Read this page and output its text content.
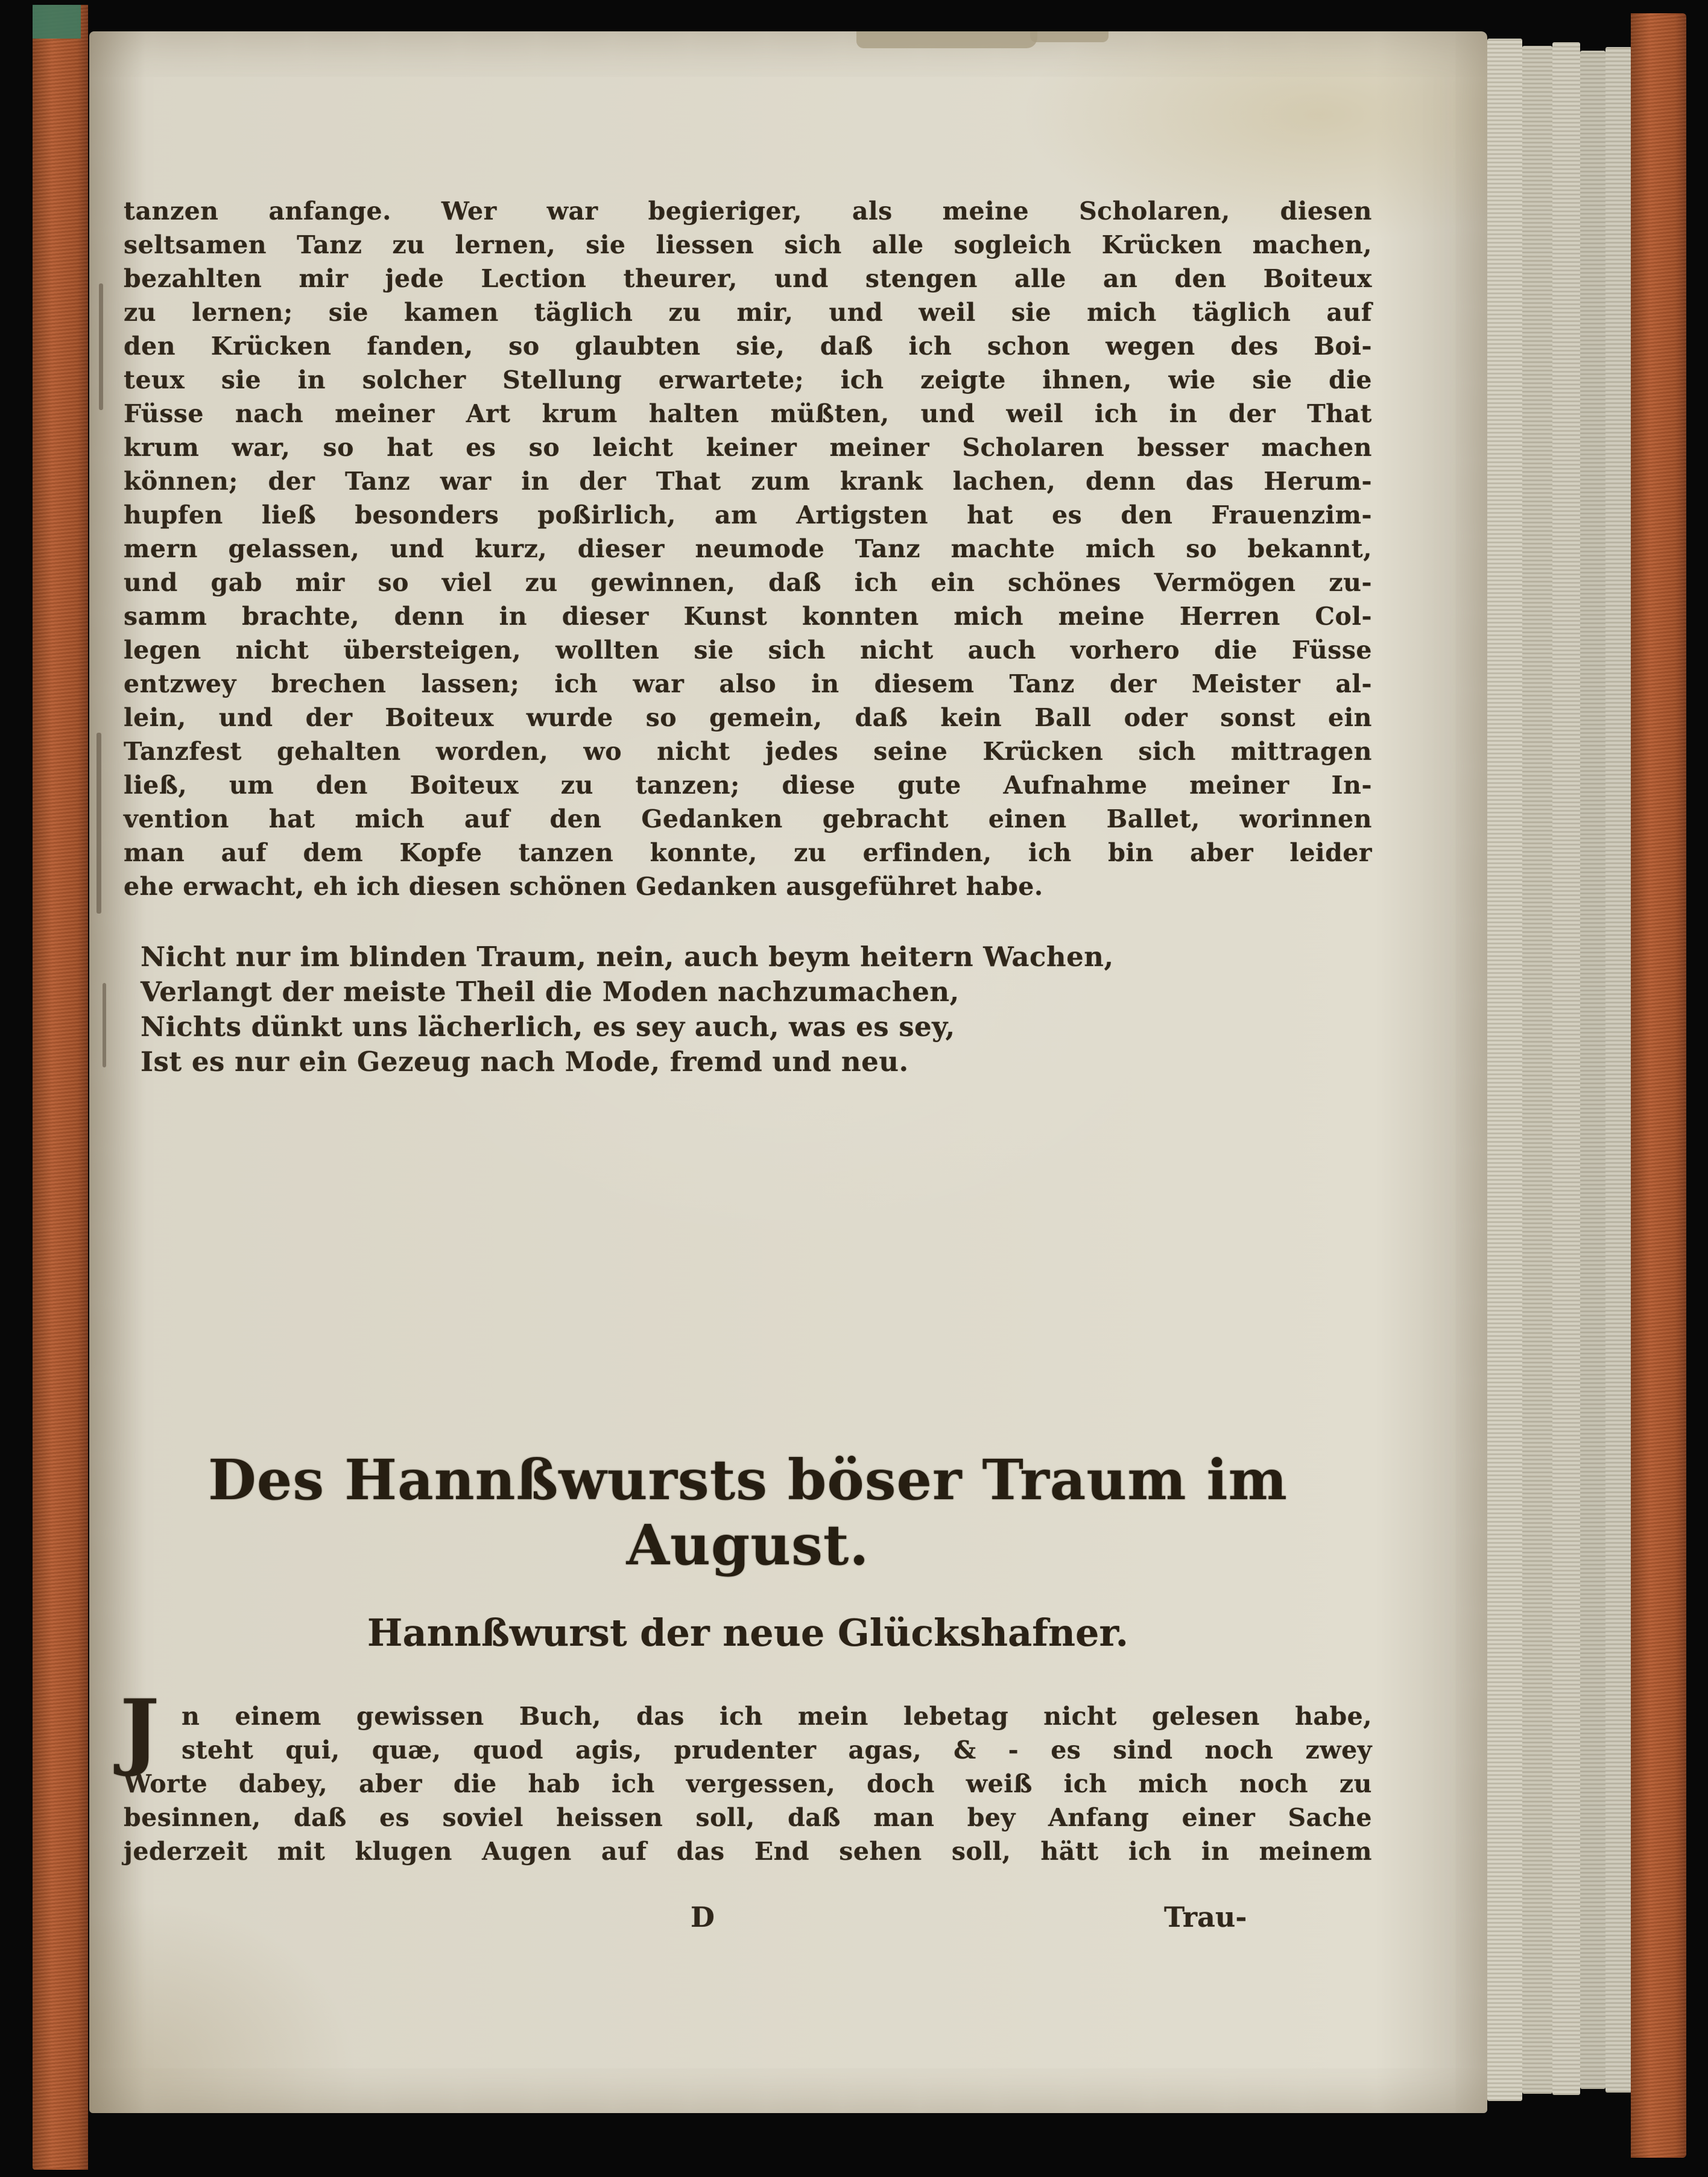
tanzen anfange. Wer war begieriger, als meine Scholaren, diesen
seltsamen Tanz zu lernen, sie liessen sich alle sogleich Krücken machen,
bezahlten mir jede Lection theurer, und stengen alle an den Boiteux
zu lernen; sie kamen täglich zu mir, und weil sie mich täglich auf
den Krücken fanden, so glaubten sie, daß ich schon wegen des Boi-
teux sie in solcher Stellung erwartete; ich zeigte ihnen, wie sie die
Füsse nach meiner Art krum halten müßten, und weil ich in der That
krum war, so hat es so leicht keiner meiner Scholaren besser machen
können; der Tanz war in der That zum krank lachen, denn das Herum-
hupfen ließ besonders poßirlich, am Artigsten hat es den Frauenzim-
mern gelassen, und kurz, dieser neumode Tanz machte mich so bekannt,
und gab mir so viel zu gewinnen, daß ich ein schönes Vermögen zu-
samm brachte, denn in dieser Kunst konnten mich meine Herren Col-
legen nicht übersteigen, wollten sie sich nicht auch vorhero die Füsse
entzwey brechen lassen; ich war also in diesem Tanz der Meister al-
lein, und der Boiteux wurde so gemein, daß kein Ball oder sonst ein
Tanzfest gehalten worden, wo nicht jedes seine Krücken sich mittragen
ließ, um den Boiteux zu tanzen; diese gute Aufnahme meiner In-
vention hat mich auf den Gedanken gebracht einen Ballet, worinnen
man auf dem Kopfe tanzen konnte, zu erfinden, ich bin aber leider
ehe erwacht, eh ich diesen schönen Gedanken ausgeführet habe.
Nicht nur im blinden Traum, nein, auch beym heitern Wachen,
Verlangt der meiste Theil die Moden nachzumachen,
Nichts dünkt uns lächerlich, es sey auch, was es sey,
Ist es nur ein Gezeug nach Mode, fremd und neu.
Des Hannßwursts böser Traum im August.
Hannßwurst der neue Glückshafner.
J n einem gewissen Buch, das ich mein lebetag nicht gelesen habe,
steht qui, quæ, quod agis, prudenter agas, & - es sind noch zwey
Worte dabey, aber die hab ich vergessen, doch weiß ich mich noch zu
besinnen, daß es soviel heissen soll, daß man bey Anfang einer Sache
jederzeit mit klugen Augen auf das End sehen soll, hätt ich in meinem
D	Trau-
